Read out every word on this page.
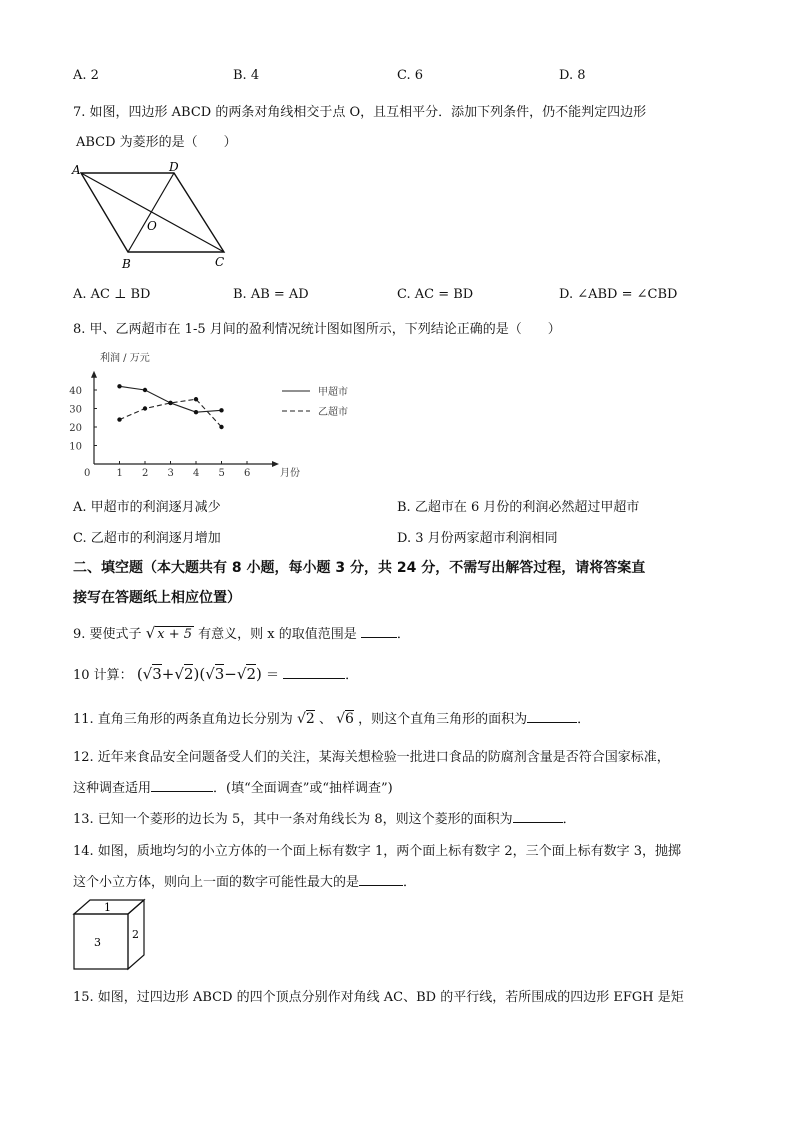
A. 2	B. 4	C. 6	D. 8
7. 如图，四边形 ABCD 的两条对角线相交于点 O，且互相平分．添加下列条件，仍不能判定四边形
ABCD 为菱形的是（　　）
A	D
O
B	C
A. AC ⊥ BD	B. AB = AD	C. AC = BD	D. ∠ABD = ∠CBD
8. 甲、乙两超市在 1-5 月间的盈利情况统计图如图所示，下列结论正确的是（　　）
利润 / 万元
月份
0	1 2 3 4 5 6
10
20
30
40	甲超市
乙超市
A. 甲超市的利润逐月减少	B. 乙超市在 6 月份的利润必然超过甲超市
C. 乙超市的利润逐月增加	D. 3 月份两家超市利润相同
二、填空题（本大题共有 8 小题，每小题 3 分，共 24 分，不需写出解答过程，请将答案直
接写在答题纸上相应位置）
9. 要使式子 √ x + 5 有意义，则 x 的取值范围是	．
10 计算： (√3+√2)(√3−√2) ＝	．
11. 直角三角形的两条直角边长分别为 √2 、 √6 ，则这个直角三角形的面积为	．
12. 近年来食品安全问题备受人们的关注，某海关想检验一批进口食品的防腐剂含量是否符合国家标准，
这种调查适用	．(填“全面调查”或“抽样调查”)
13. 已知一个菱形的边长为 5，其中一条对角线长为 8，则这个菱形的面积为	．
14. 如图，质地均匀的小立方体的一个面上标有数字 1，两个面上标有数字 2，三个面上标有数字 3，抛掷
这个小立方体，则向上一面的数字可能性最大的是	．
1
3
2
15. 如图，过四边形 ABCD 的四个顶点分别作对角线 AC、BD 的平行线，若所围成的四边形 EFGH 是矩
